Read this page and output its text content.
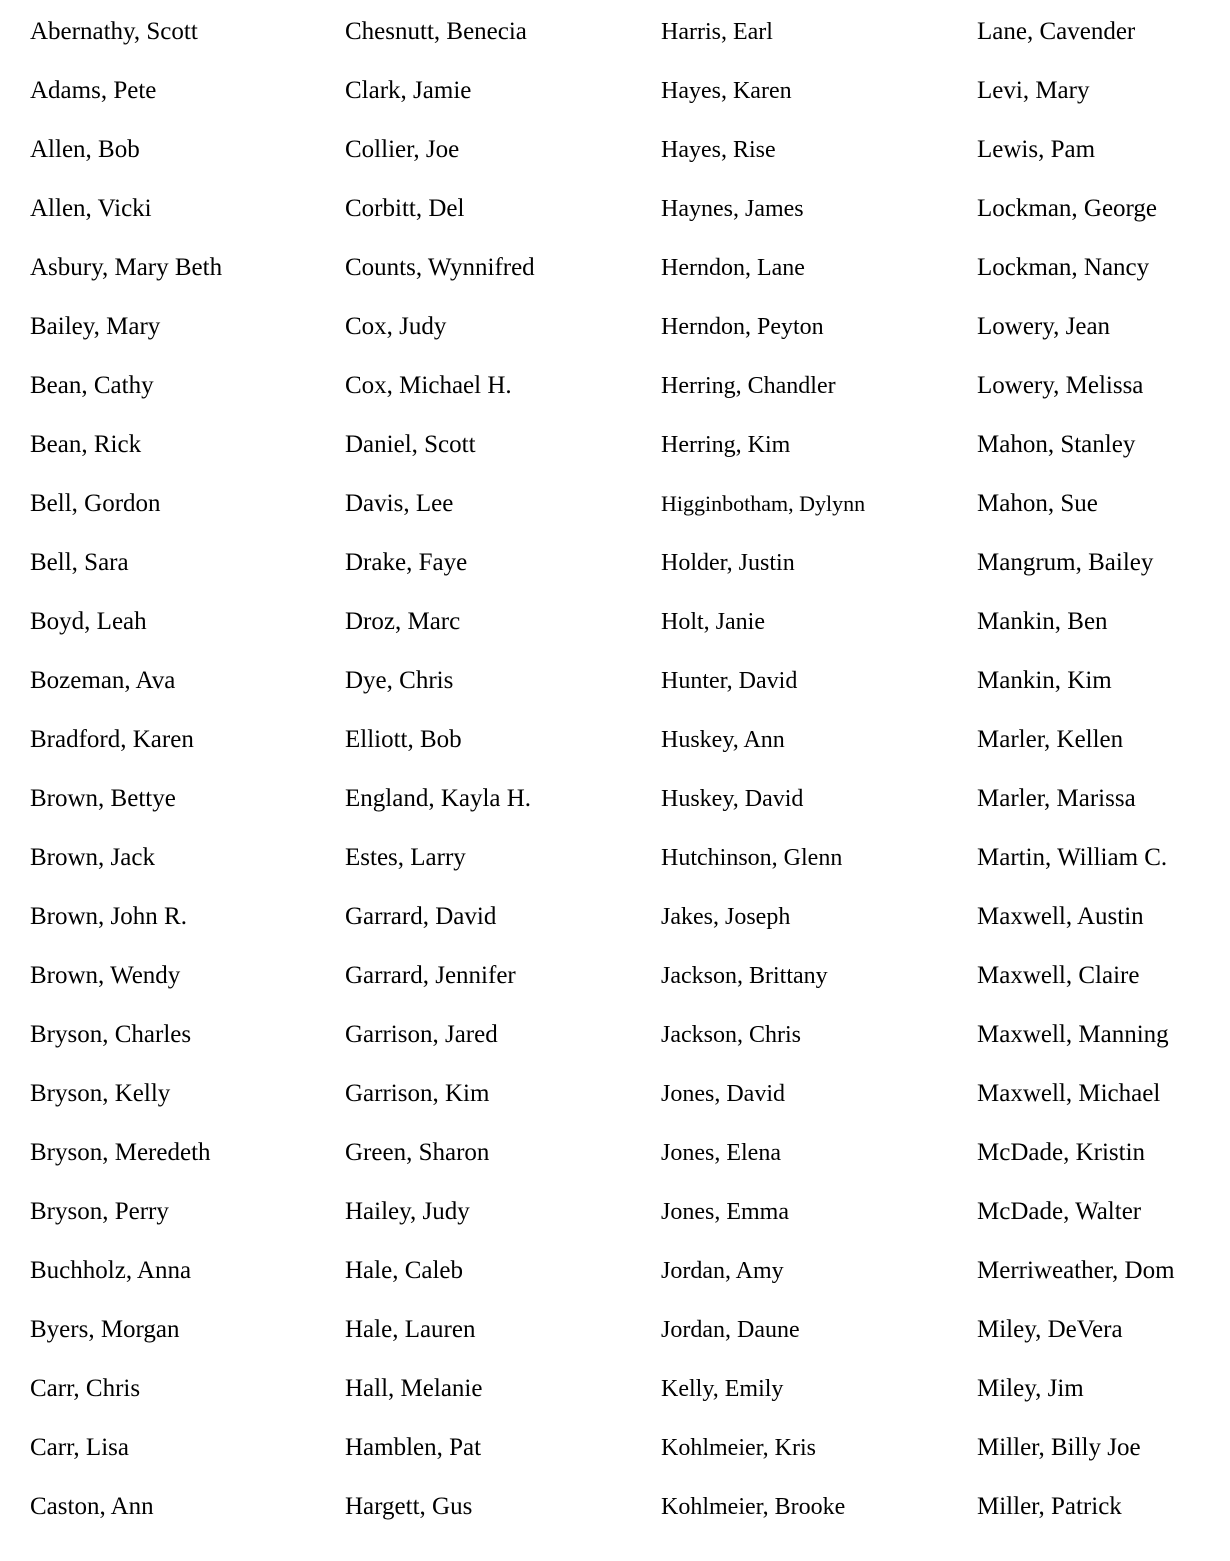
Abernathy, Scott
Adams, Pete
Allen, Bob
Allen, Vicki
Asbury, Mary Beth
Bailey, Mary
Bean, Cathy
Bean, Rick
Bell, Gordon
Bell, Sara
Boyd, Leah
Bozeman, Ava
Bradford, Karen
Brown, Bettye
Brown, Jack
Brown, John R.
Brown, Wendy
Bryson, Charles
Bryson, Kelly
Bryson, Meredeth
Bryson, Perry
Buchholz, Anna
Byers, Morgan
Carr, Chris
Carr, Lisa
Caston, Ann
Chesnutt, Benecia
Clark, Jamie
Collier, Joe
Corbitt, Del
Counts, Wynnifred
Cox, Judy
Cox, Michael H.
Daniel, Scott
Davis, Lee
Drake, Faye
Droz, Marc
Dye, Chris
Elliott, Bob
England, Kayla H.
Estes, Larry
Garrard, David
Garrard, Jennifer
Garrison, Jared
Garrison, Kim
Green, Sharon
Hailey, Judy
Hale, Caleb
Hale, Lauren
Hall, Melanie
Hamblen, Pat
Hargett, Gus
Harris, Earl
Hayes, Karen
Hayes, Rise
Haynes, James
Herndon, Lane
Herndon, Peyton
Herring, Chandler
Herring, Kim
Higginbotham, Dylynn
Holder, Justin
Holt, Janie
Hunter, David
Huskey, Ann
Huskey, David
Hutchinson, Glenn
Jakes, Joseph
Jackson, Brittany
Jackson, Chris
Jones, David
Jones, Elena
Jones, Emma
Jordan, Amy
Jordan, Daune
Kelly, Emily
Kohlmeier, Kris
Kohlmeier, Brooke
Lane, Cavender
Levi, Mary
Lewis, Pam
Lockman, George
Lockman, Nancy
Lowery, Jean
Lowery, Melissa
Mahon, Stanley
Mahon, Sue
Mangrum, Bailey
Mankin, Ben
Mankin, Kim
Marler, Kellen
Marler, Marissa
Martin, William C.
Maxwell, Austin
Maxwell, Claire
Maxwell, Manning
Maxwell, Michael
McDade, Kristin
McDade, Walter
Merriweather, Dom
Miley, DeVera
Miley, Jim
Miller, Billy Joe
Miller, Patrick
